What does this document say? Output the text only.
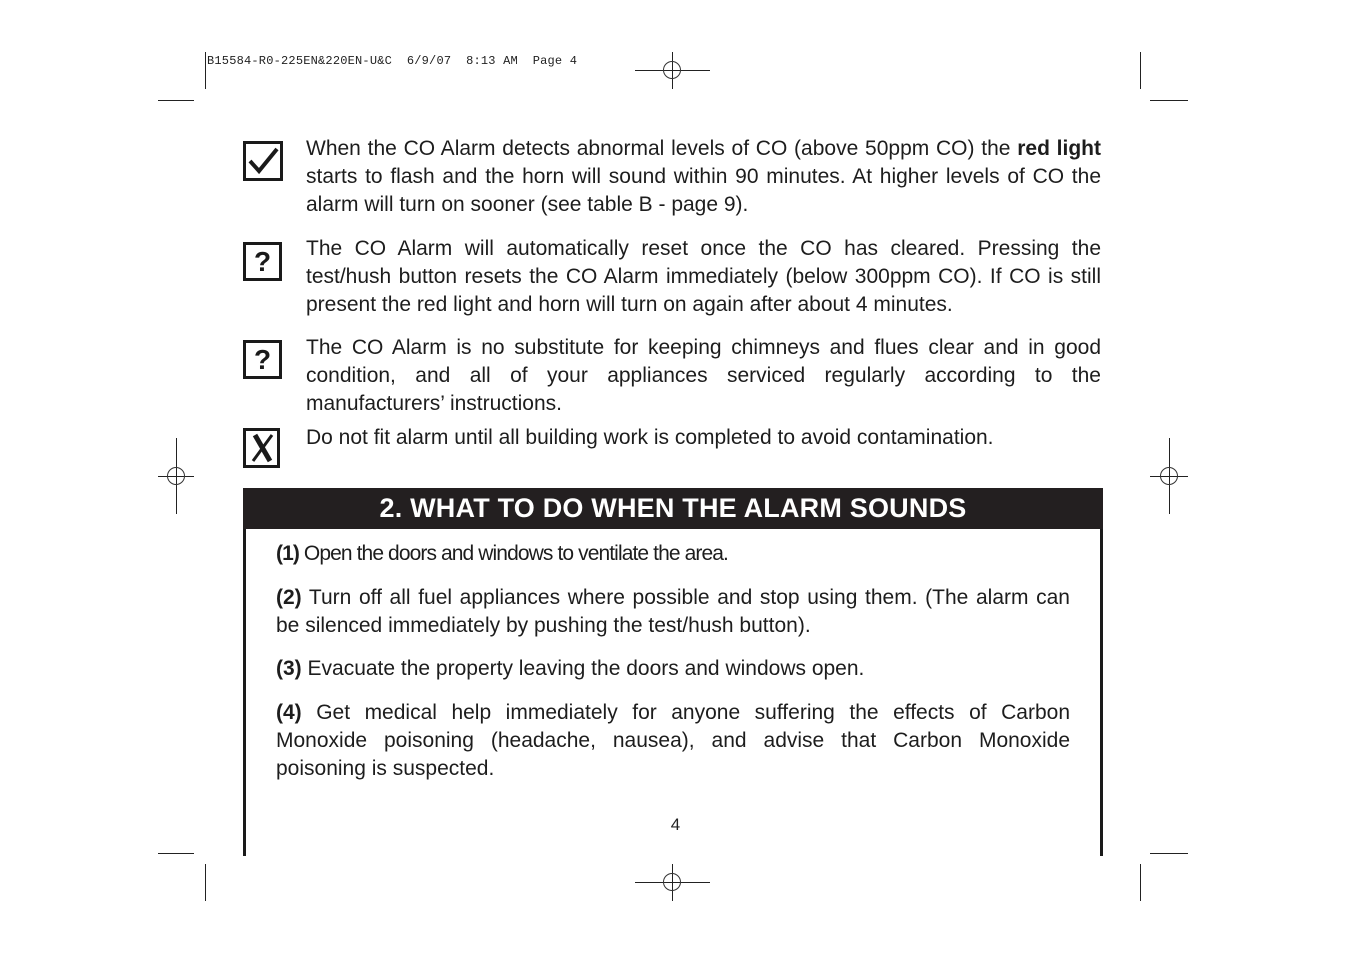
B15584-R0-225EN&220EN-U&C 6/9/07 8:13 AM Page 4
When the CO Alarm detects abnormal levels of CO (above 50ppm CO) the red light starts to flash and the horn will sound within 90 minutes. At higher levels of CO the alarm will turn on sooner (see table B - page 9).
? The CO Alarm will automatically reset once the CO has cleared. Pressing the test/hush button resets the CO Alarm immediately (below 300ppm CO). If CO is still present the red light and horn will turn on again after about 4 minutes.
? The CO Alarm is no substitute for keeping chimneys and flues clear and in good condition, and all of your appliances serviced regularly according to the manufacturers’ instructions.
Do not fit alarm until all building work is completed to avoid contamination.
2. WHAT TO DO WHEN THE ALARM SOUNDS
(1) Open the doors and windows to ventilate the area.
(2) Turn off all fuel appliances where possible and stop using them. (The alarm can be silenced immediately by pushing the test/hush button).
(3) Evacuate the property leaving the doors and windows open.
(4) Get medical help immediately for anyone suffering the effects of Carbon Monoxide poisoning (headache, nausea), and advise that Carbon Monoxide poisoning is suspected.
4
